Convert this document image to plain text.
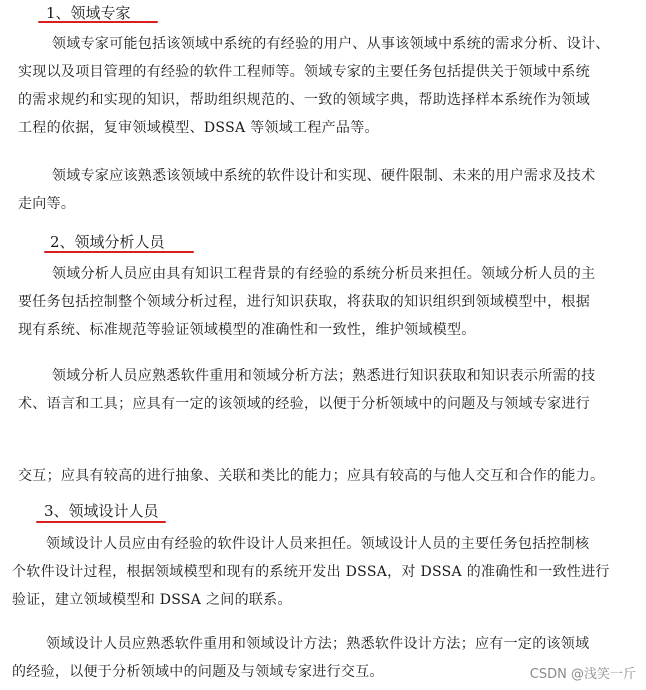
1、领域专家
领域专家可能包括该领域中系统的有经验的用户、从事该领域中系统的需求分析、设计、
实现以及项目管理的有经验的软件工程师等。领域专家的主要任务包括提供关于领域中系统
的需求规约和实现的知识，帮助组织规范的、一致的领域字典，帮助选择样本系统作为领域
工程的依据，复审领域模型、DSSA 等领域工程产品等。
领域专家应该熟悉该领域中系统的软件设计和实现、硬件限制、未来的用户需求及技术
走向等。
2、领域分析人员
领域分析人员应由具有知识工程背景的有经验的系统分析员来担任。领域分析人员的主
要任务包括控制整个领域分析过程，进行知识获取，将获取的知识组织到领域模型中，根据
现有系统、标准规范等验证领域模型的准确性和一致性，维护领域模型。
领域分析人员应熟悉软件重用和领域分析方法；熟悉进行知识获取和知识表示所需的技
术、语言和工具；应具有一定的该领域的经验，以便于分析领域中的问题及与领域专家进行
交互；应具有较高的进行抽象、关联和类比的能力；应具有较高的与他人交互和合作的能力。
3、领域设计人员
领域设计人员应由有经验的软件设计人员来担任。领域设计人员的主要任务包括控制核
个软件设计过程，根据领域模型和现有的系统开发出 DSSA，对 DSSA 的准确性和一致性进行
验证，建立领域模型和 DSSA 之间的联系。
领域设计人员应熟悉软件重用和领域设计方法；熟悉软件设计方法；应有一定的该领域
的经验，以便于分析领域中的问题及与领域专家进行交互。	CSDN @浅笑一斤
